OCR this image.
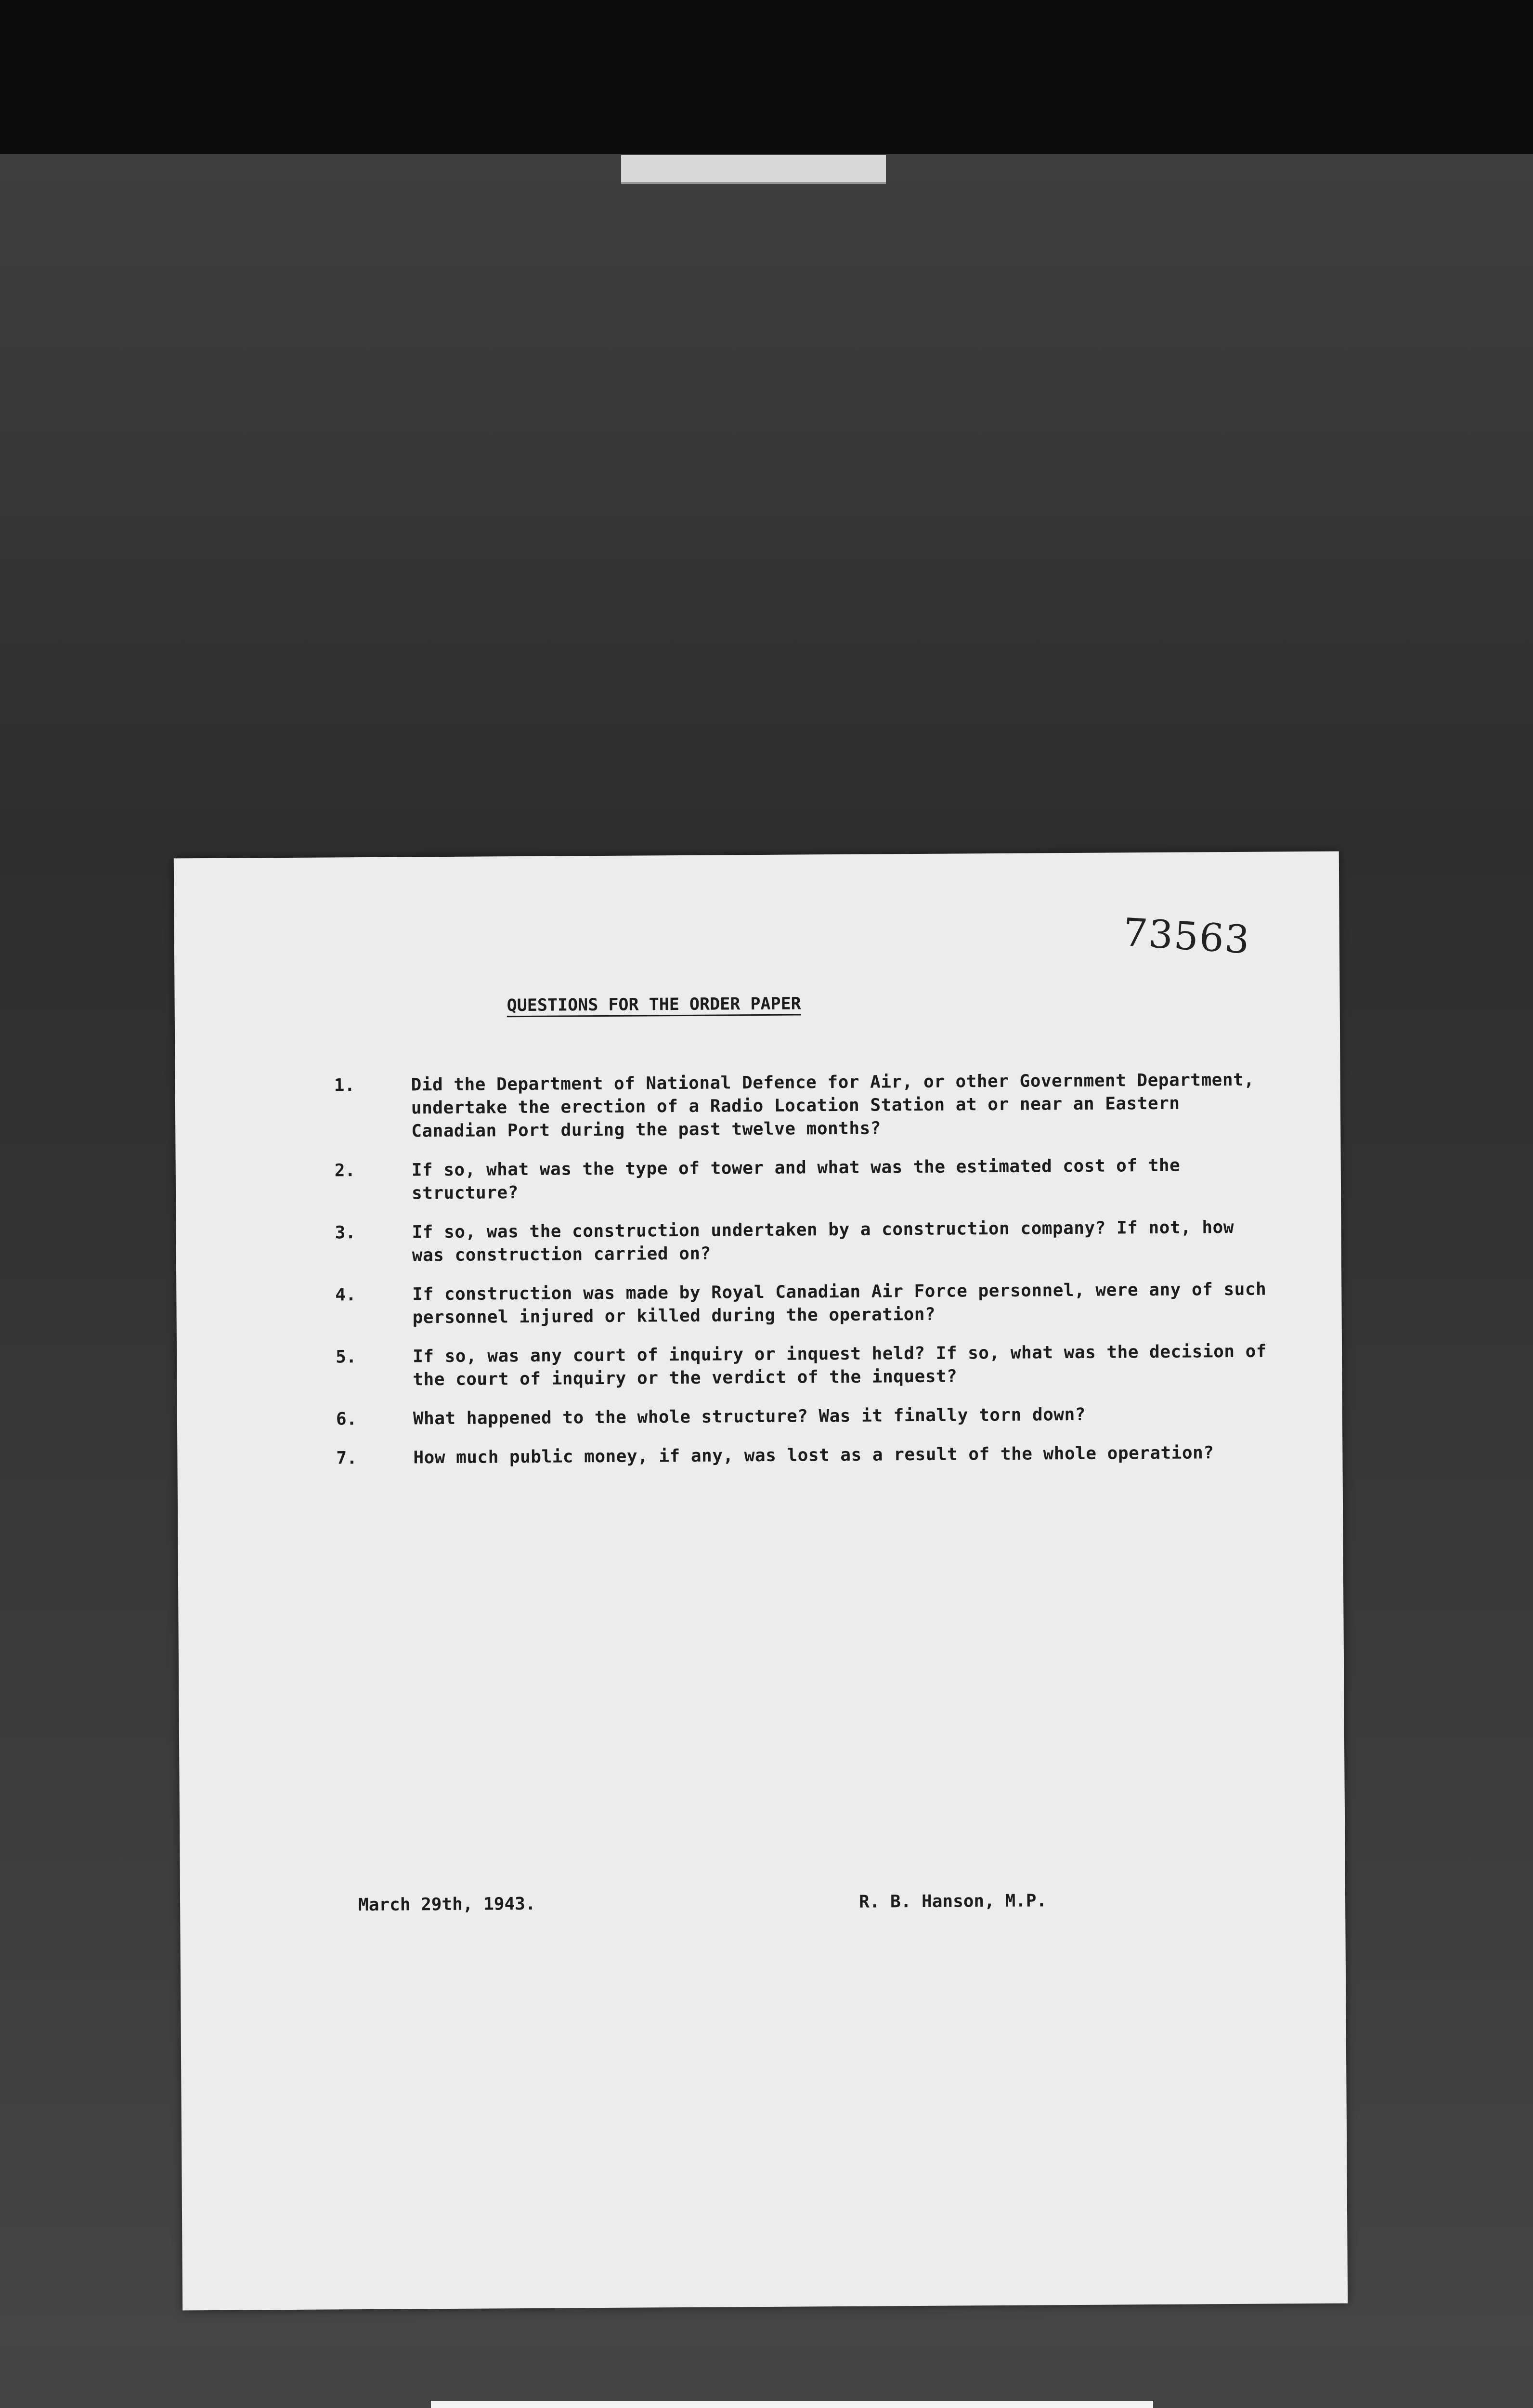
73563
QUESTIONS FOR THE ORDER PAPER
1.	Did the Department of National Defence for Air, or other Government Department, undertake the erection of a Radio Location Station at or near an Eastern Canadian Port during the past twelve months?
2.	If so, what was the type of tower and what was the estimated cost of the structure?
3.	If so, was the construction undertaken by a construction company? If not, how was construction carried on?
4.	If construction was made by Royal Canadian Air Force personnel, were any of such personnel injured or killed during the operation?
5.	If so, was any court of inquiry or inquest held? If so, what was the decision of the court of inquiry or the verdict of the inquest?
6.	What happened to the whole structure? Was it finally torn down?
7.	How much public money, if any, was lost as a result of the whole operation?
March 29th, 1943.	R. B. Hanson, M.P.
